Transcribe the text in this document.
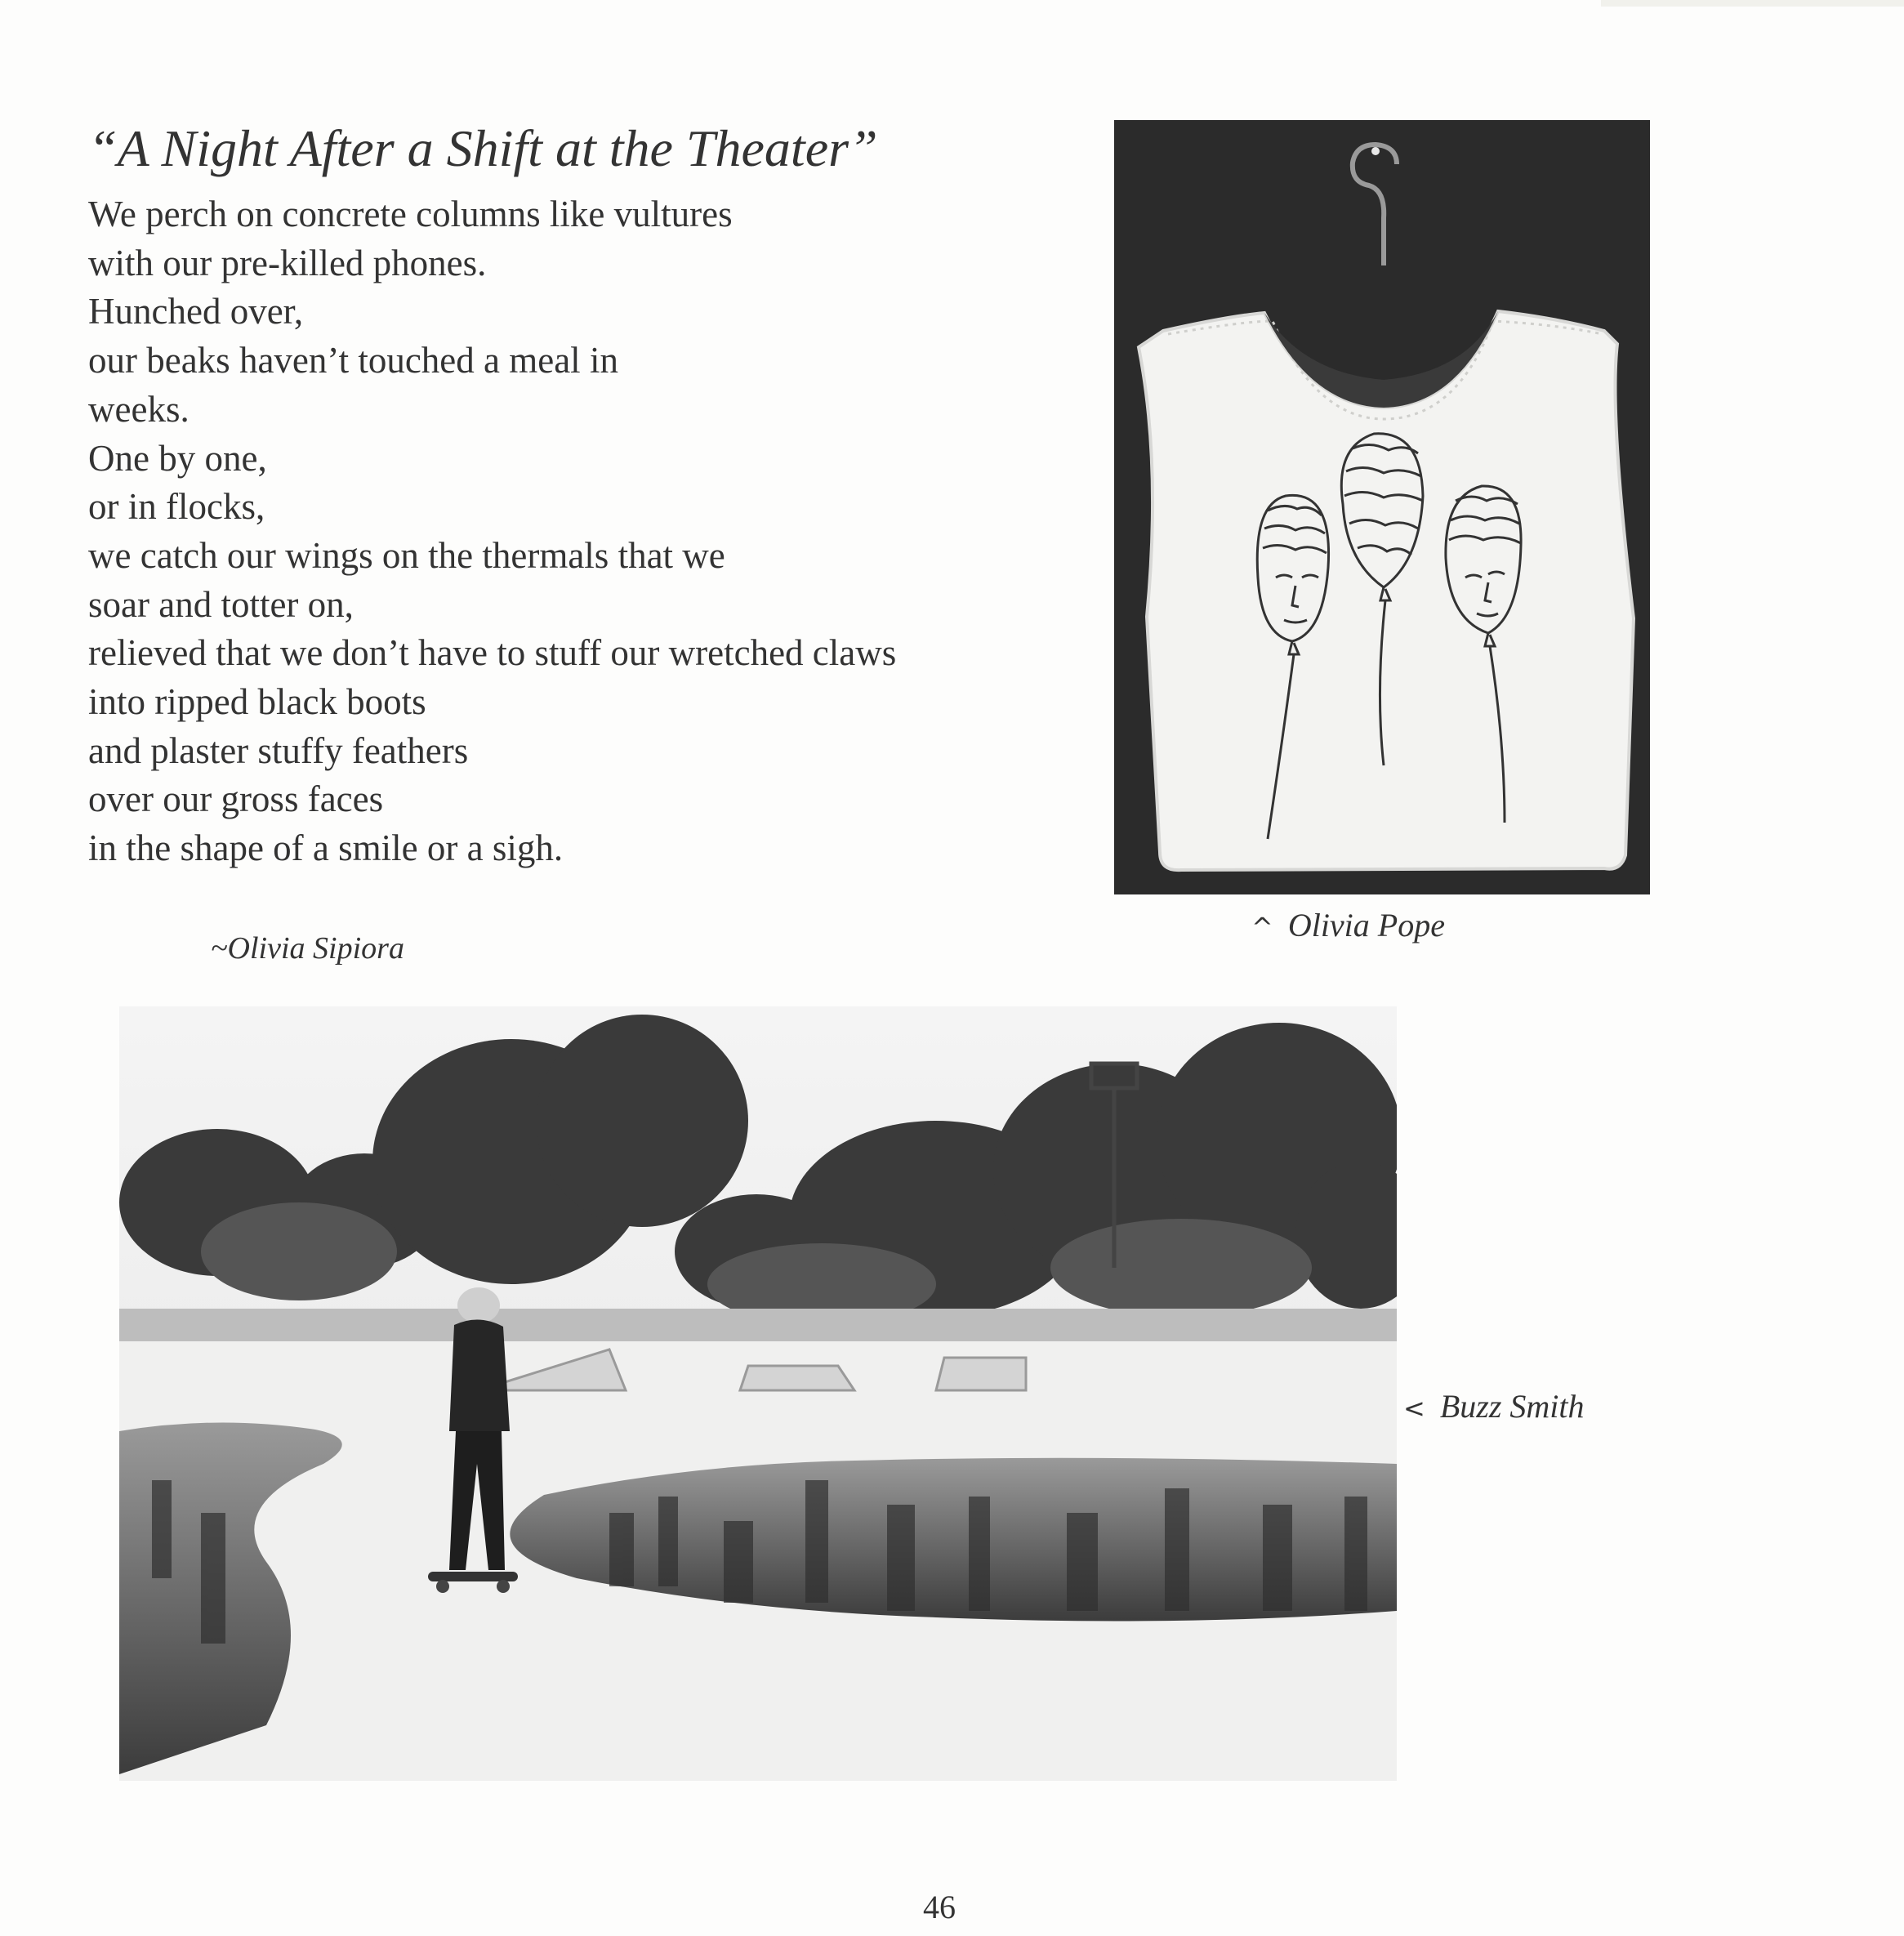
“A Night After a Shift at the Theater”
We perch on concrete columns like vultures
with our pre-killed phones.
Hunched over,
our beaks haven’t touched a meal in
weeks.
One by one,
or in flocks,
we catch our wings on the thermals that we
soar and totter on,
relieved that we don’t have to stuff our wretched claws
into ripped black boots
and plaster stuffy feathers
over our gross faces
in the shape of a smile or a sigh.
~Olivia Sipiora
^ Olivia Pope
< Buzz Smith
46
